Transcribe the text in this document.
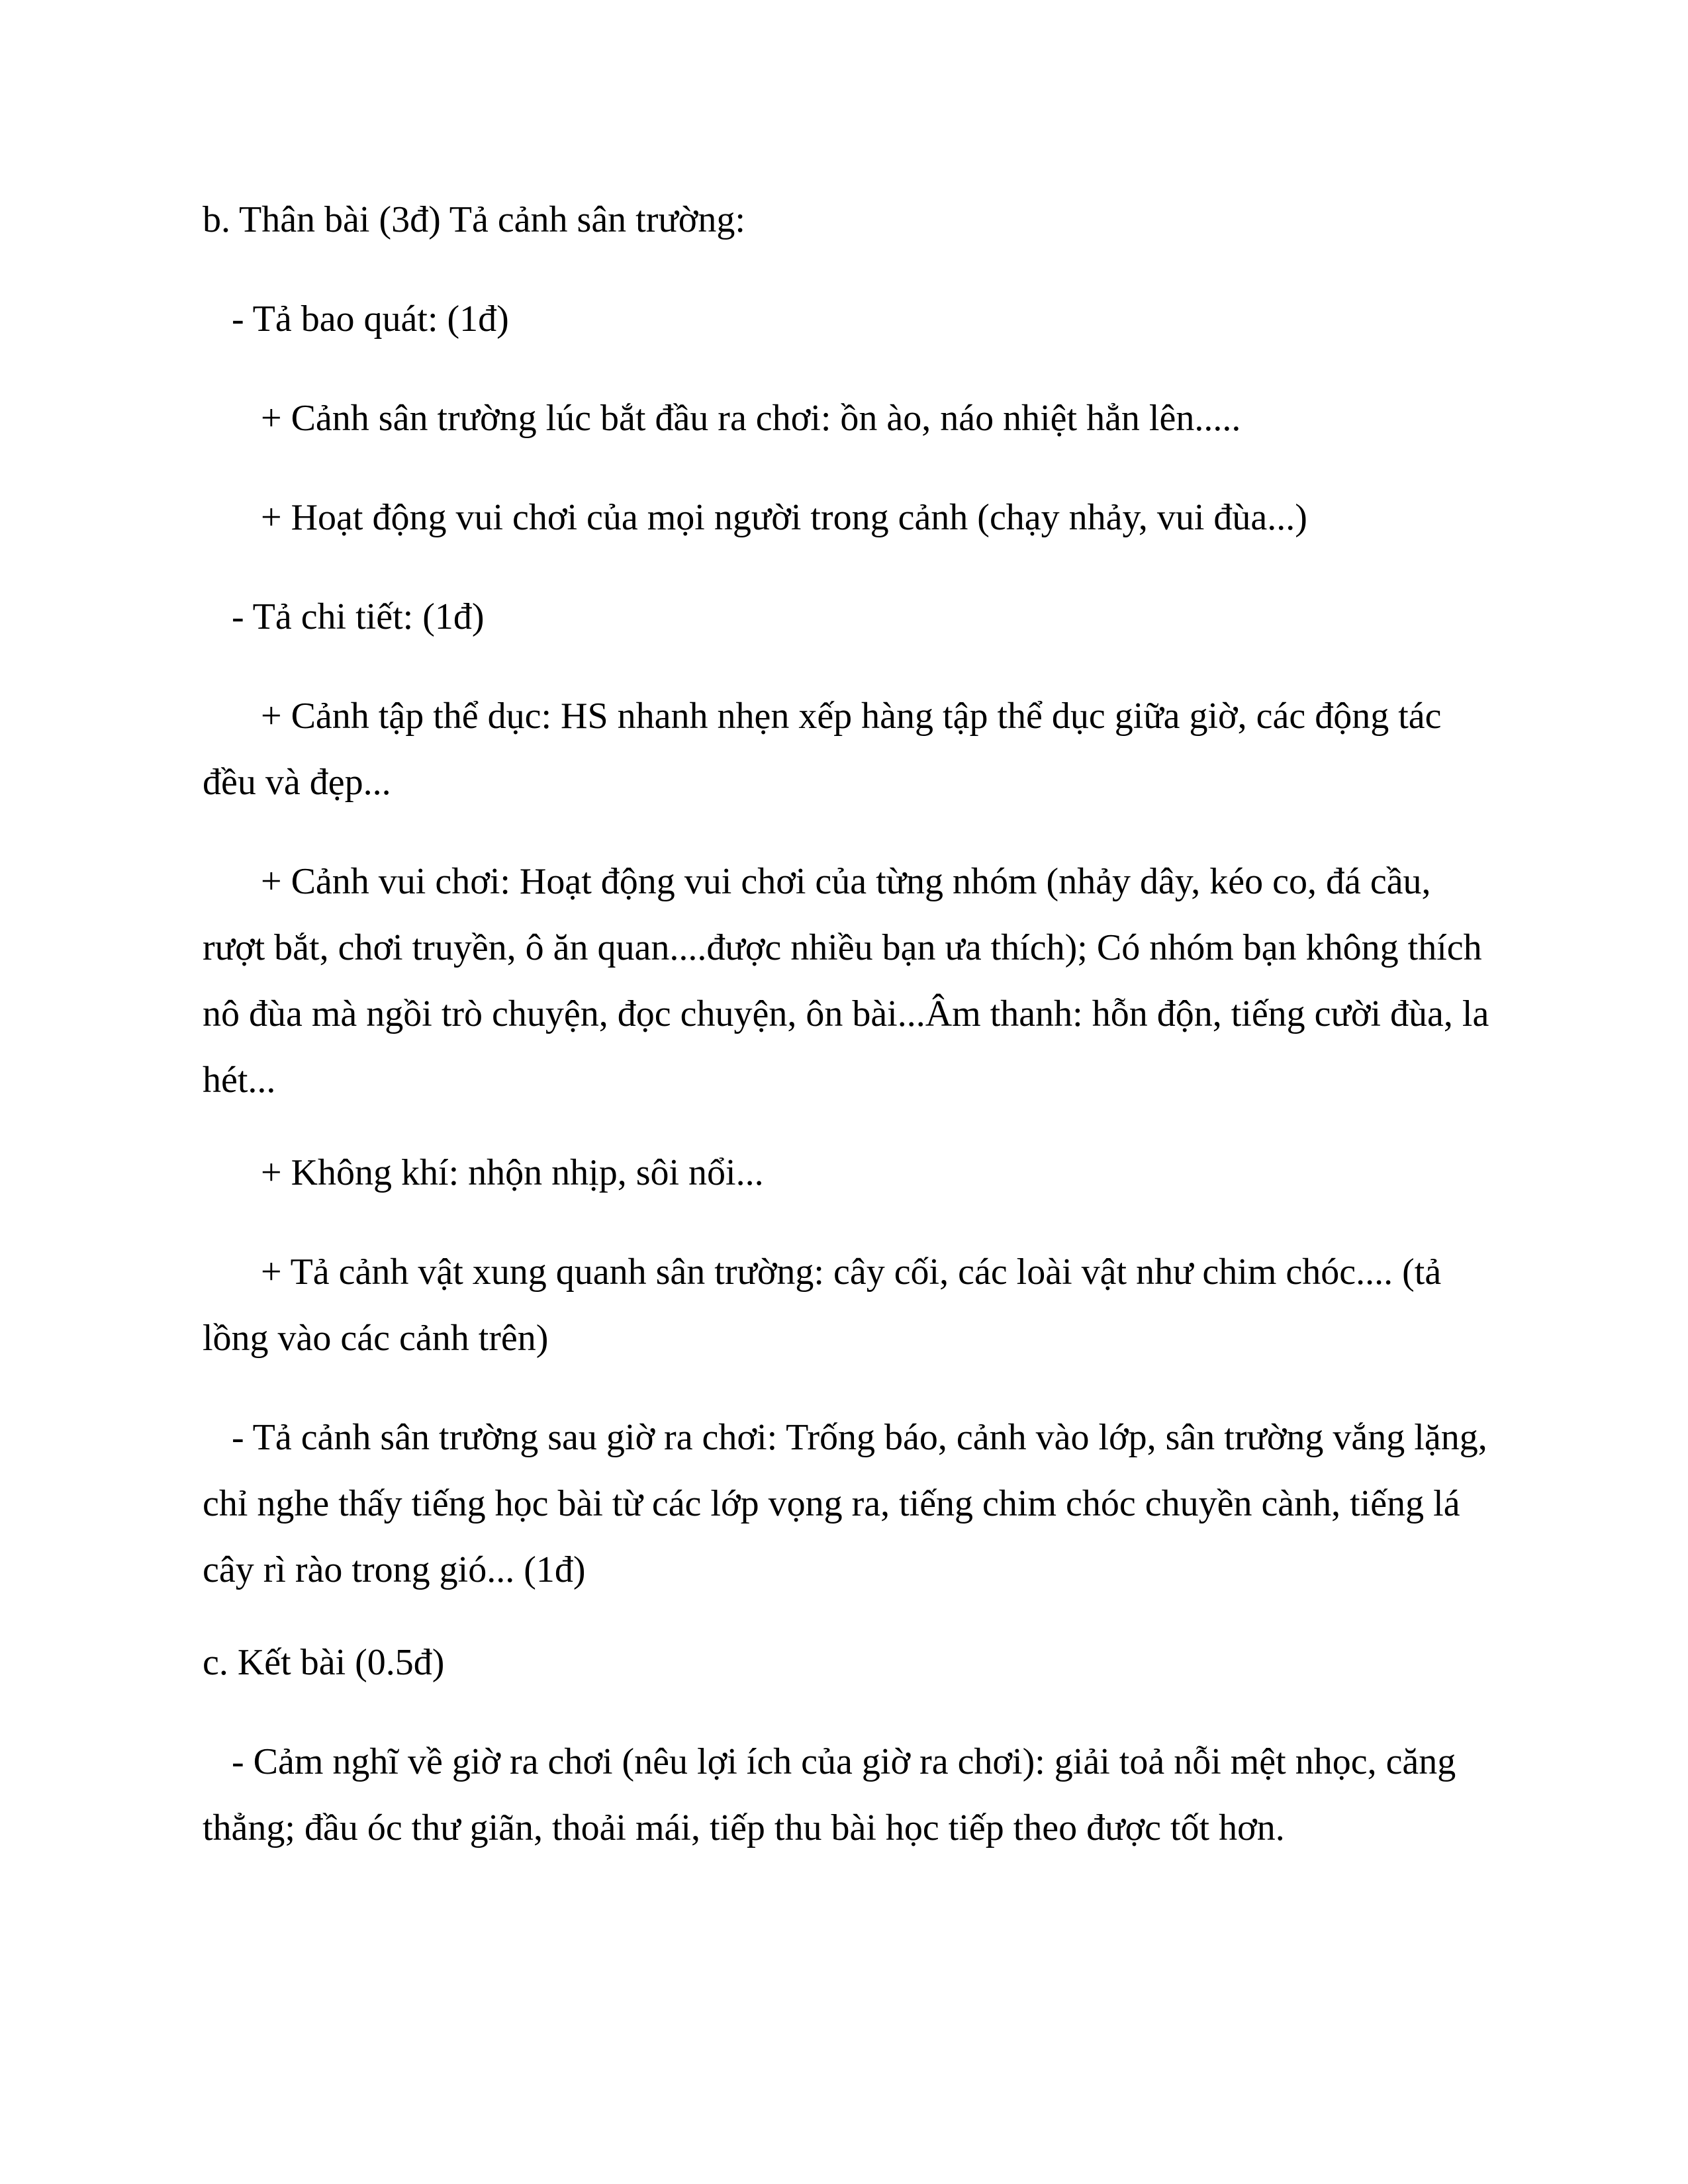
b. Thân bài (3đ) Tả cảnh sân trường:

- Tả bao quát: (1đ)

+ Cảnh sân trường lúc bắt đầu ra chơi: ồn ào, náo nhiệt hẳn lên.....

+ Hoạt động vui chơi của mọi người trong cảnh (chạy nhảy, vui đùa...)

- Tả chi tiết: (1đ)

+ Cảnh tập thể dục: HS nhanh nhẹn xếp hàng tập thể dục giữa giờ, các động tác đều và đẹp...

+ Cảnh vui chơi: Hoạt động vui chơi của từng nhóm (nhảy dây, kéo co, đá cầu, rượt bắt, chơi truyền, ô ăn quan....được nhiều bạn ưa thích); Có nhóm bạn không thích nô đùa mà ngồi trò chuyện, đọc chuyện, ôn bài...Âm thanh: hỗn độn, tiếng cười đùa, la hét...

+ Không khí: nhộn nhịp, sôi nổi...

+ Tả cảnh vật xung quanh sân trường: cây cối, các loài vật như chim chóc.... (tả lồng vào các cảnh trên)

- Tả cảnh sân trường sau giờ ra chơi: Trống báo, cảnh vào lớp, sân trường vắng lặng, chỉ nghe thấy tiếng học bài từ các lớp vọng ra, tiếng chim chóc chuyền cành, tiếng lá cây rì rào trong gió... (1đ)

c. Kết bài (0.5đ)

- Cảm nghĩ về giờ ra chơi (nêu lợi ích của giờ ra chơi): giải toả nỗi mệt nhọc, căng thẳng; đầu óc thư giãn, thoải mái, tiếp thu bài học tiếp theo được tốt hơn.
